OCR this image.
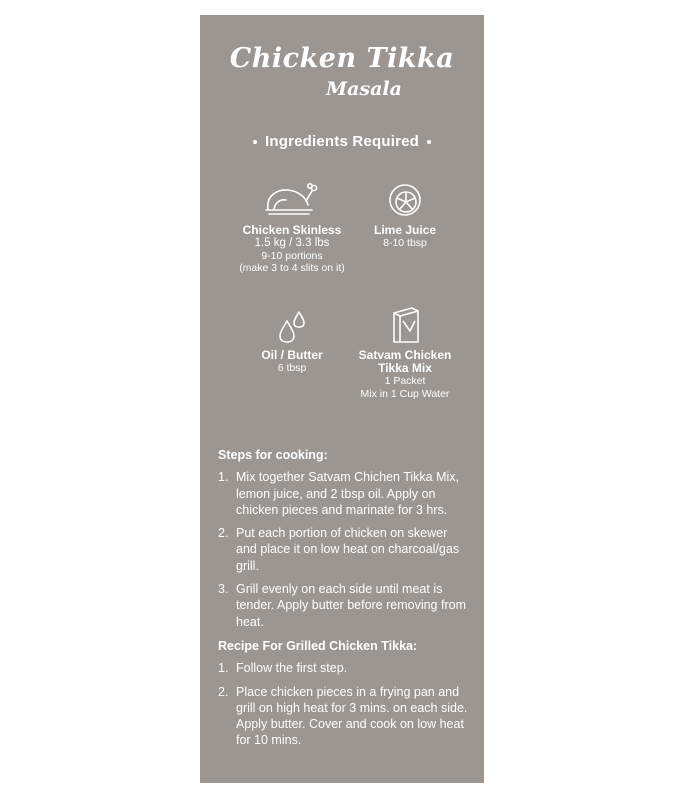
Chicken Tikka
Masala
Ingredients Required
Chicken Skinless
1.5 kg / 3.3 lbs
9-10 portions
(make 3 to 4 slits on it)
Lime Juice
8-10 tbsp
Oil / Butter
6 tbsp
Satvam Chicken
Tikka Mix
1 Packet
Mix in 1 Cup Water
Steps for cooking:
1. Mix together Satvam Chichen Tikka Mix, lemon juice, and 2 tbsp oil. Apply on chicken pieces and marinate for 3 hrs.
2. Put each portion of chicken on skewer and place it on low heat on charcoal/gas grill.
3. Grill evenly on each side until meat is tender. Apply butter before removing from heat.
Recipe For Grilled Chicken Tikka:
1. Follow the first step.
2. Place chicken pieces in a frying pan and grill on high heat for 3 mins. on each side. Apply butter. Cover and cook on low heat for 10 mins.
